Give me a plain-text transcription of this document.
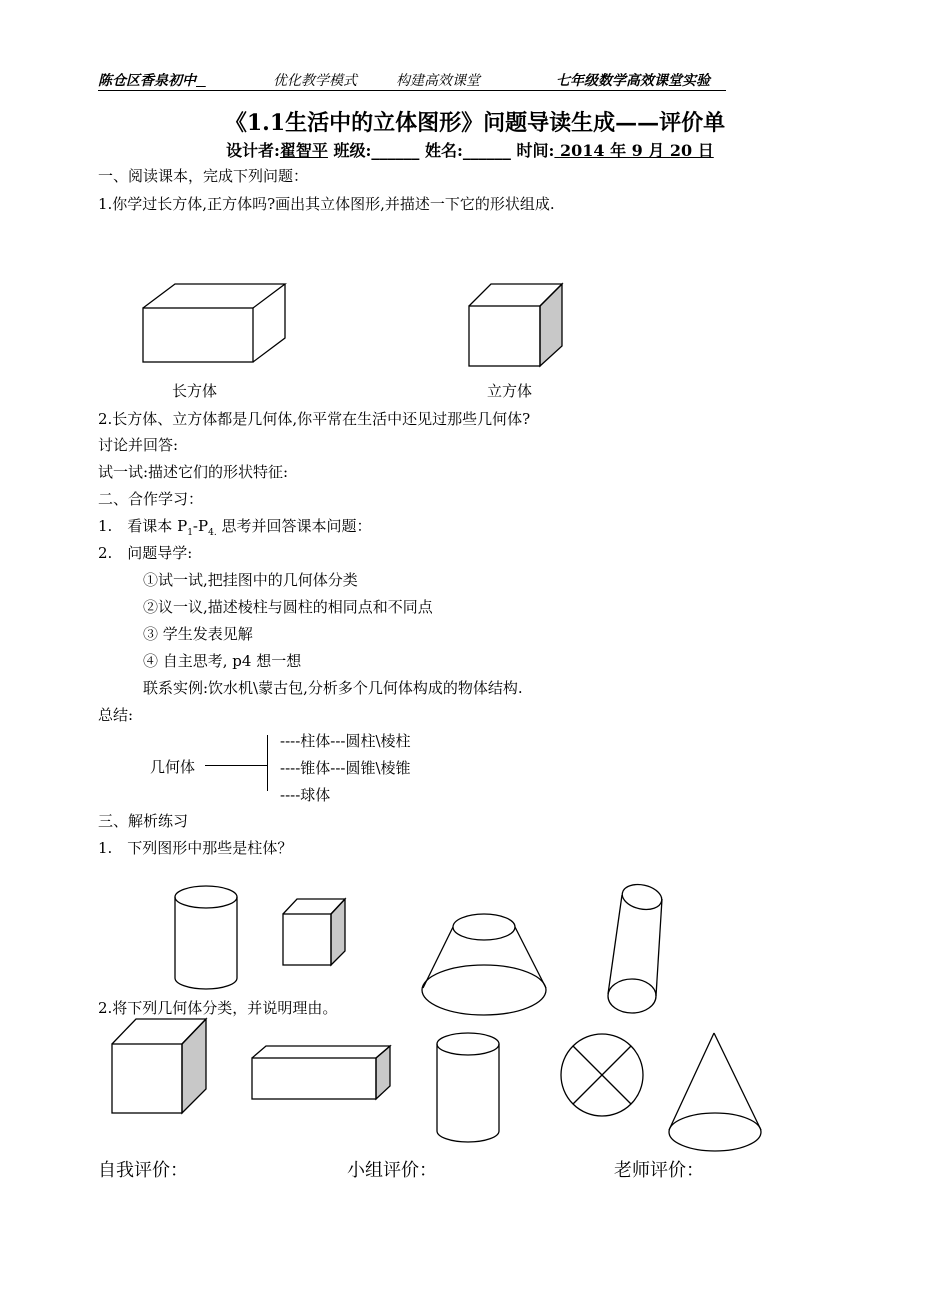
陈仓区香泉初中	优化教学模式	构建高效课堂	七年级数学高效课堂实验
《1.1生活中的立体图形》问题导读生成——评价单
设计者:翟智平 班级:______ 姓名:______ 时间: 2014 年 9 月 20 日
一、阅读课本，完成下列问题：
1.你学过长方体,正方体吗?画出其立体图形,并描述一下它的形状组成.
长方体	立方体
2.长方体、立方体都是几何体,你平常在生活中还见过那些几何体?
讨论并回答:
试一试:描述它们的形状特征:
二、合作学习：
1.　看课本 $P_1-P_{4.}$ 思考并回答课本问题：
2.　问题导学:
①试一试,把挂图中的几何体分类
②议一议,描述棱柱与圆柱的相同点和不同点
③ 学生发表见解
④ 自主思考, p4 想一想
联系实例:饮水机\蒙古包,分析多个几何体构成的物体结构.
总结:
几何体
----柱体---圆柱\棱柱
----锥体---圆锥\棱锥
----球体
三、解析练习
1.　下列图形中那些是柱体？
2.将下列几何体分类，并说明理由。
自我评价：	小组评价：	老师评价：
